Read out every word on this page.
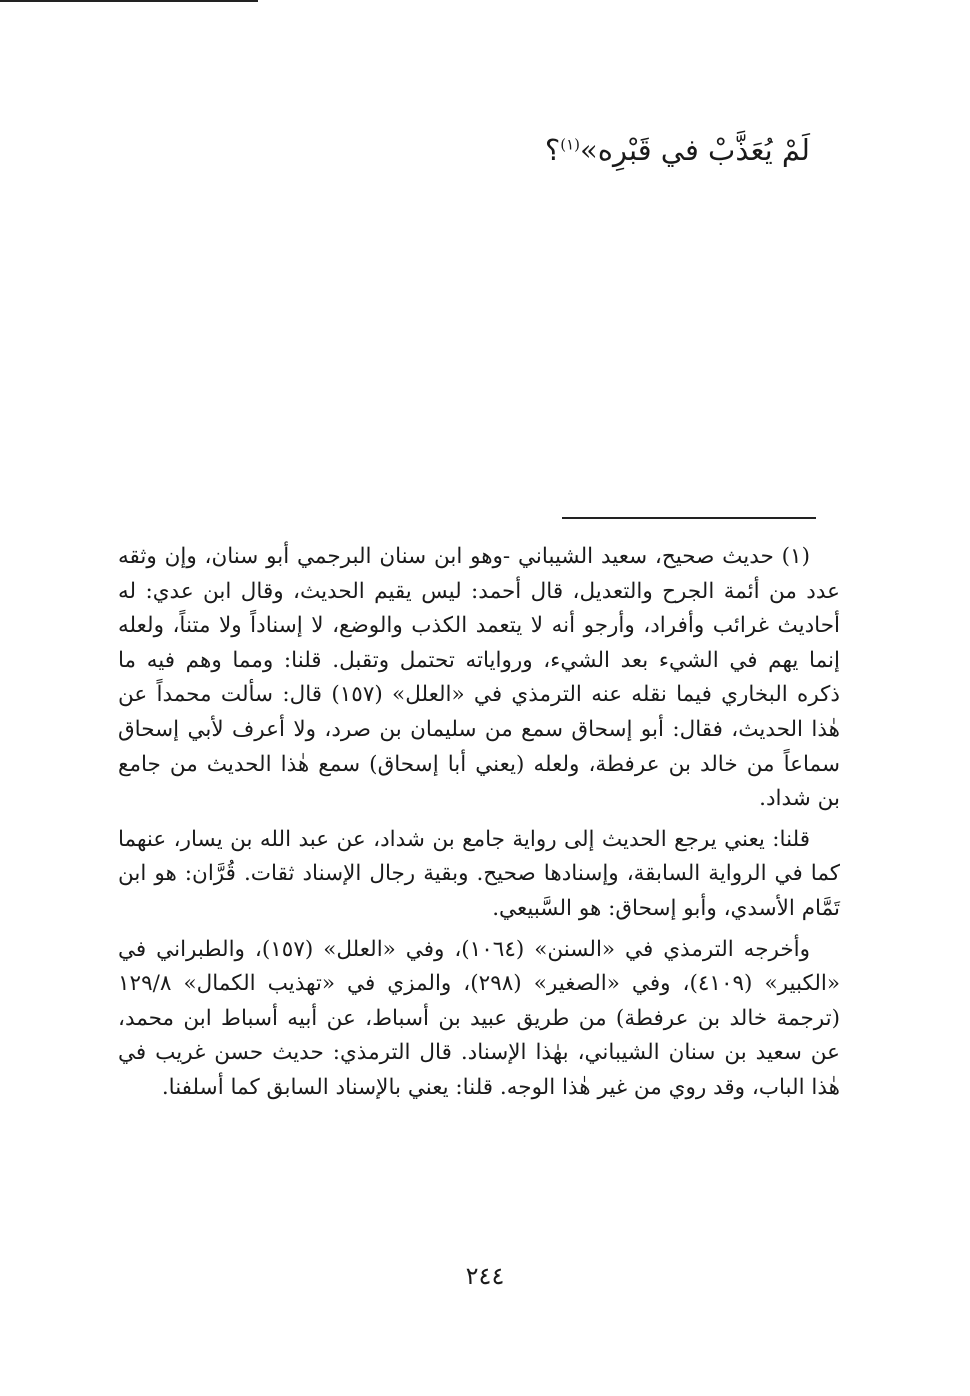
لَمْ يُعَذَّبْ في قَبْرِه»$^{(١)}$؟

(١) حديث صحيح، سعيد الشيباني -وهو ابن سنان البرجمي أبو سنان، وإن وثقه عدد من أئمة الجرح والتعديل، قال أحمد: ليس يقيم الحديث، وقال ابن عدي: له أحاديث غرائب وأفراد، وأرجو أنه لا يتعمد الكذب والوضع، لا إسناداً ولا متناً، ولعله إنما يهم في الشيء بعد الشيء، ورواياته تحتمل وتقبل. قلنا: ومما وهم فيه ما ذكره البخاري فيما نقله عنه الترمذي في «العلل» (١٥٧) قال: سألت محمداً عن هٰذا الحديث، فقال: أبو إسحاق سمع من سليمان بن صرد، ولا أعرف لأبي إسحاق سماعاً من خالد بن عرفطة، ولعله (يعني أبا إسحاق) سمع هٰذا الحديث من جامع بن شداد.

قلنا: يعني يرجع الحديث إلى رواية جامع بن شداد، عن عبد الله بن يسار، عنهما كما في الرواية السابقة، وإسنادها صحيح. وبقية رجال الإسناد ثقات. قُرَّان: هو ابن تَمَّام الأسدي، وأبو إسحاق: هو السَّبيعي.

وأخرجه الترمذي في «السنن» (١٠٦٤)، وفي «العلل» (١٥٧)، والطبراني في «الكبير» (٤١٠٩)، وفي «الصغير» (٢٩٨)، والمزي في «تهذيب الكمال» ١٢٩/٨ (ترجمة خالد بن عرفطة) من طريق عبيد بن أسباط، عن أبيه أسباط ابن محمد، عن سعيد بن سنان الشيباني، بهٰذا الإسناد. قال الترمذي: حديث حسن غريب في هٰذا الباب، وقد روي من غير هٰذا الوجه. قلنا: يعني بالإسناد السابق كما أسلفنا.

٢٤٤
